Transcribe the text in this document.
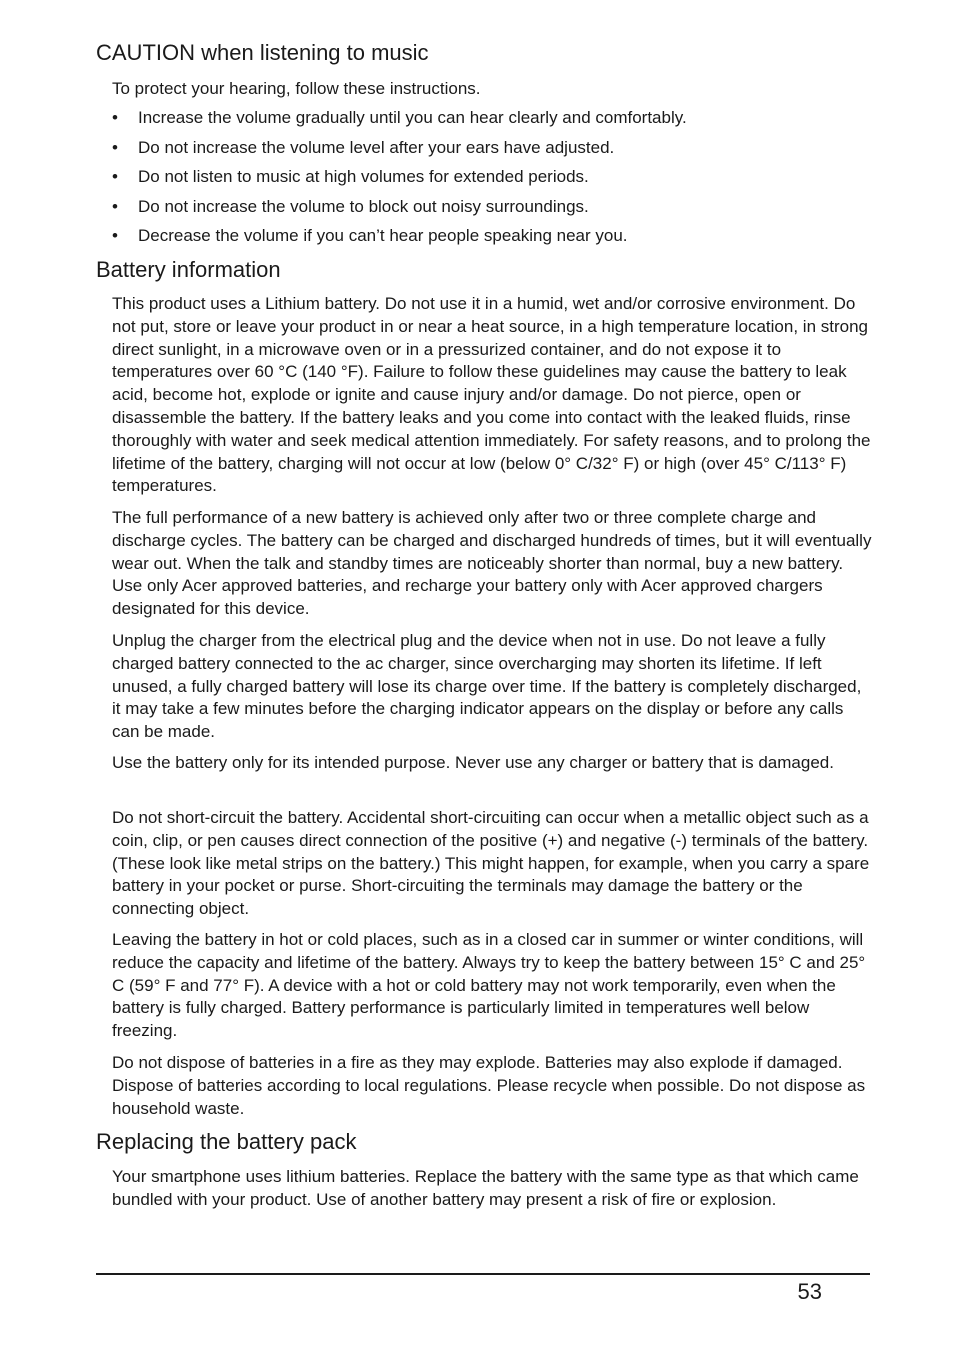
CAUTION when listening to music

To protect your hearing, follow these instructions.

• Increase the volume gradually until you can hear clearly and comfortably.
• Do not increase the volume level after your ears have adjusted.
• Do not listen to music at high volumes for extended periods.
• Do not increase the volume to block out noisy surroundings.
• Decrease the volume if you can’t hear people speaking near you.
Battery information

This product uses a Lithium battery. Do not use it in a humid, wet and/or corrosive environment. Do not put, store or leave your product in or near a heat source, in a high temperature location, in strong direct sunlight, in a microwave oven or in a pressurized container, and do not expose it to temperatures over 60 °C (140 °F). Failure to follow these guidelines may cause the battery to leak acid, become hot, explode or ignite and cause injury and/or damage. Do not pierce, open or disassemble the battery. If the battery leaks and you come into contact with the leaked fluids, rinse thoroughly with water and seek medical attention immediately. For safety reasons, and to prolong the lifetime of the battery, charging will not occur at low (below 0° C/32° F) or high (over 45° C/113° F) temperatures.

The full performance of a new battery is achieved only after two or three complete charge and discharge cycles. The battery can be charged and discharged hundreds of times, but it will eventually wear out. When the talk and standby times are noticeably shorter than normal, buy a new battery. Use only Acer approved batteries, and recharge your battery only with Acer approved chargers designated for this device.

Unplug the charger from the electrical plug and the device when not in use. Do not leave a fully charged battery connected to the ac charger, since overcharging may shorten its lifetime. If left unused, a fully charged battery will lose its charge over time. If the battery is completely discharged, it may take a few minutes before the charging indicator appears on the display or before any calls can be made.

Use the battery only for its intended purpose. Never use any charger or battery that is damaged.

Do not short-circuit the battery. Accidental short-circuiting can occur when a metallic object such as a coin, clip, or pen causes direct connection of the positive (+) and negative (-) terminals of the battery. (These look like metal strips on the battery.) This might happen, for example, when you carry a spare battery in your pocket or purse. Short-circuiting the terminals may damage the battery or the connecting object.

Leaving the battery in hot or cold places, such as in a closed car in summer or winter conditions, will reduce the capacity and lifetime of the battery. Always try to keep the battery between 15° C and 25° C (59° F and 77° F). A device with a hot or cold battery may not work temporarily, even when the battery is fully charged. Battery performance is particularly limited in temperatures well below freezing.

Do not dispose of batteries in a fire as they may explode. Batteries may also explode if damaged. Dispose of batteries according to local regulations. Please recycle when possible. Do not dispose as household waste.

Replacing the battery pack

Your smartphone uses lithium batteries. Replace the battery with the same type as that which came bundled with your product. Use of another battery may present a risk of fire or explosion.

53
